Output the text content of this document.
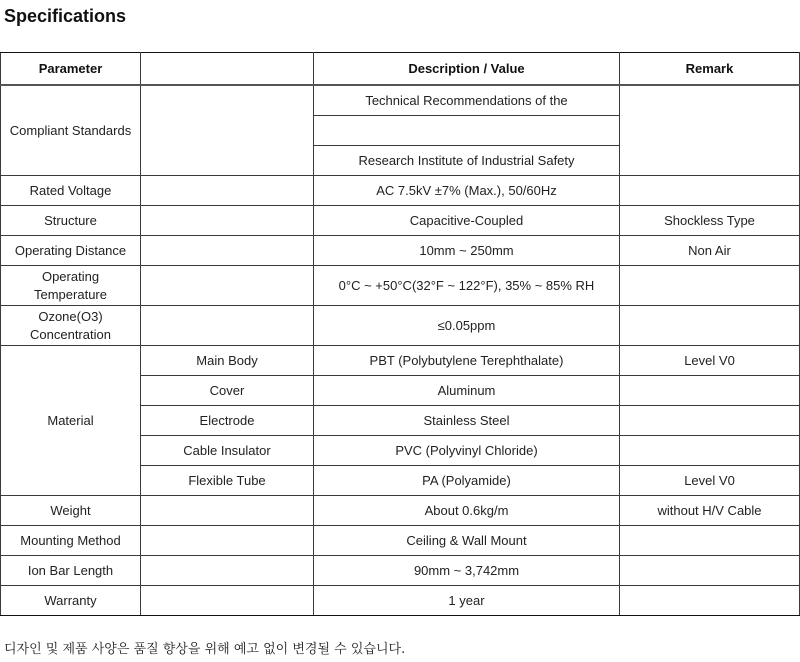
Specifications
Parameter		Description / Value	Remark
Compliant Standards		Technical Recommendations of the	

		Research Institute of Industrial Safety	
Rated Voltage		AC 7.5kV ±7% (Max.), 50/60Hz	
Structure		Capacitive-Coupled	Shockless Type
Operating Distance		10mm ~ 250mm	Non Air
Operating Temperature		0°C ~ +50°C(32°F ~ 122°F), 35% ~ 85% RH	
Ozone(O3) Concentration		≤0.05ppm	
Material	Main Body	PBT (Polybutylene Terephthalate)	Level V0
	Cover	Aluminum	
	Electrode	Stainless Steel	
	Cable Insulator	PVC (Polyvinyl Chloride)	
	Flexible Tube	PA (Polyamide)	Level V0
Weight		About 0.6kg/m	without H/V Cable
Mounting Method		Ceiling & Wall Mount	
Ion Bar Length		90mm ~ 3,742mm	
Warranty		1 year	

디자인 및 제품 사양은 품질 향상을 위해 예고 없이 변경될 수 있습니다.
